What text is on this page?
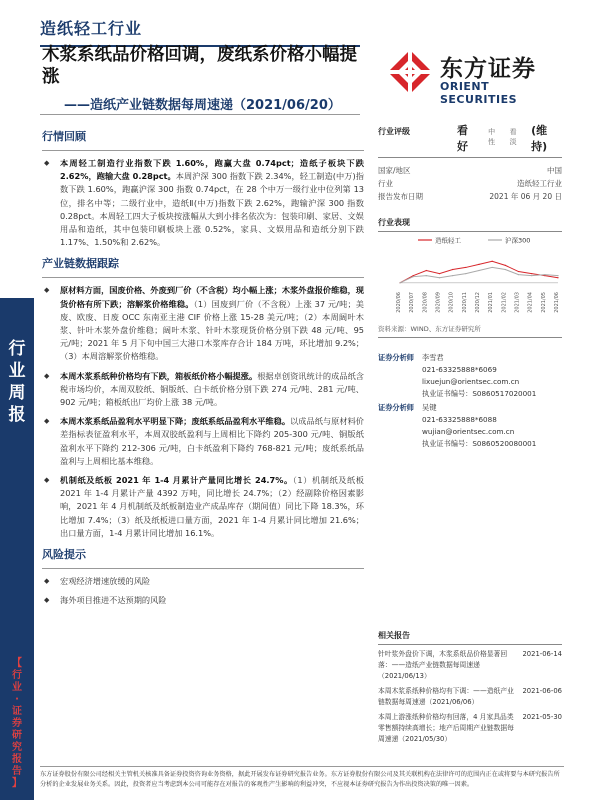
造纸轻工行业
木浆系纸品价格回调，废纸系价格小幅提涨
——造纸产业链数据每周速递（2021/06/20）
东方证券
ORIENT SECURITIES
行
业
周
报
【
行
业
·
证
券
研
究
报
告
】
行情回顾
◆ 本周轻工制造行业指数下跌 1.60%，跑赢大盘 0.74pct；造纸子板块下跌 2.62%，跑输大盘 0.28pct。本周沪深 300 指数下跌 2.34%，轻工制造(中万)指数下跌 1.60%，跑赢沪深 300 指数 0.74pct，在 28 个中万一级行业中位列第 13 位，排名中等；二级行业中，造纸Ⅱ(中万)指数下跌 2.62%，跑输沪深 300 指数 0.28pct。本周轻工四大子板块按涨幅从大到小排名依次为：包装印刷、家居、文娱用品和造纸，其中包装印刷板块上涨 0.52%，家具、文娱用品和造纸分别下跌 1.17%、1.50%和 2.62%。
产业链数据跟踪
◆ 原材料方面，国废价格、外废到厂价（不含税）均小幅上涨；木浆外盘报价维稳，现货价格有所下跌；溶解浆价格维稳。（1）国废到厂价（不含税）上涨 37 元/吨；美废、欧废、日废 OCC 东南亚主港 CIF 价格上涨 15-28 美元/吨；（2）本周阔叶木浆、针叶木浆外盘价维稳；阔叶木浆、针叶木浆现货价格分别下跌 48 元/吨、95 元/吨；2021 年 5 月下旬中国三大港口木浆库存合计 184 万吨，环比增加 9.2%；（3）本周溶解浆价格维稳。
◆ 本周木浆系纸种价格均有下跌，箱板纸价格小幅提涨。根据卓创资讯统计的成品纸含税市场均价，本周双胶纸、铜版纸、白卡纸价格分别下跌 274 元/吨、281 元/吨、902 元/吨；箱板纸出厂均价上涨 38 元/吨。
◆ 本周木浆系纸品盈利水平明显下降；废纸系纸品盈利水平维稳。以成品纸与原材料价差指标表征盈利水平，本周双胶纸盈利与上周相比下降约 205-300 元/吨、铜版纸盈利水平下降约 212-306 元/吨，白卡纸盈利下降约 768-821 元/吨；废纸系纸品盈利与上周相比基本维稳。
◆ 机制纸及纸板 2021 年 1-4 月累计产量同比增长 24.7%。（1）机制纸及纸板 2021 年 1-4 月累计产量 4392 万吨，同比增长 24.7%；（2）经副除价格因素影响，2021 年 4 月机制纸及纸板制造业产成品库存（期间值）同比下降 18.3%，环比增加 7.4%；（3）纸及纸板进口量方面，2021 年 1-4 月累计同比增加 21.6%；出口量方面，1-4 月累计同比增加 16.1%。
风险提示
◆ 宏观经济增速放缓的风险
◆ 海外项目推进不达预期的风险
行业评级	看好
中性
看淡
(维持)
国家/地区	中国
行业	造纸轻工行业
报告发布日期	2021 年 06 月 20 日
行业表现
造纸轻工	沪深300
2020/06 2020/07 2020/08 2020/09 2020/10 2020/11 2020/12 2021/01 2021/02 2021/03 2021/04 2021/05 2021/06
资料来源：WIND、东方证券研究所
证券分析师	李雪君
021-63325888*6069
lixuejun@orientsec.com.cn
执业证书编号：S0860517020001
证券分析师	吴键
021-63325888*6088
wujian@orientsec.com.cn
执业证书编号：S0860520080001
相关报告
针叶浆外盘价下调，木浆系纸品价格显著回落：——造纸产业链数据每周速递（2021/06/13）
2021-06-14
本周木浆系纸种价格均有下调：——造纸产业链数据每周速递（2021/06/06）
2021-06-06
本周上游涨纸种价格均有回落，4 月家具品类零售额持续高增长；地产后周期产业链数据每周速递（2021/05/30）
2021-05-30
东方证券股份有限公司经相关主管机关核准具备证券投资咨询业务资格，据此开展发布证券研究报告业务。东方证券股份有限公司及其关联机构在法律许可的范围内正在或将要与本研究报告所分析的企业发展业务关系。因此，投资者应当考虑到本公司可能存在对报告的客观性产生影响的利益冲突，不应视本证券研究报告为作出投资决策的唯一因素。
